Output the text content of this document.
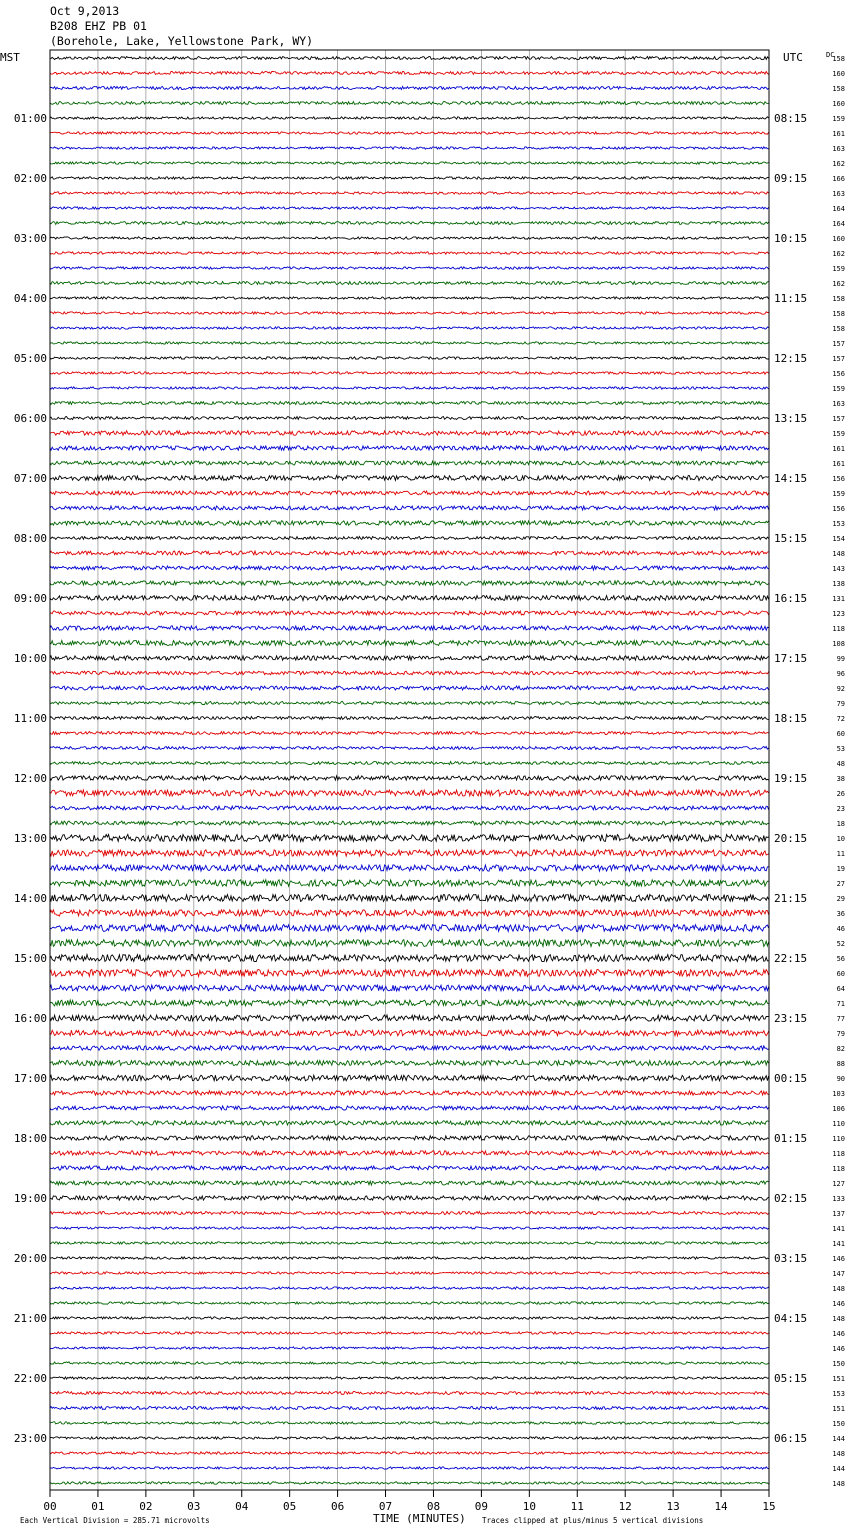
Oct 9,2013
B208 EHZ PB 01
(Borehole, Lake, Yellowstone Park, WY)
158
160
158
160
159
01:00	08:15
161
163
162
166
02:00	09:15
163
164
164
160
03:00	10:15
162
159
162
158
04:00	11:15
158
158
157
157
05:00	12:15
156
159
163
157
06:00	13:15
159
161
161
156
07:00	14:15
159
156
153
154
08:00	15:15
148
143
138
131
09:00	16:15
123
118
108
99
10:00	17:15
96
92
79
72
11:00	18:15
60
53
48
38
12:00	19:15
26
23
18
10
13:00	20:15
11
19
27
29
14:00	21:15
36
46
52
56
15:00	22:15
60
64
71
77
16:00	23:15
79
82
88
90
17:00	00:15
103
106
110
110
18:00	01:15
118
118
127
133
19:00	02:15
137
141
141
146
20:00	03:15
147
148
146
148
21:00	04:15
146
146
150
151
22:00	05:15
153
151
150
144
23:00	06:15
148
144
148
00	01	02	03	04	05	06	07	08	09	10	11	12	13	14	15
MST	UTC	DC
TIME (MINUTES)
Each Vertical Division = 285.71 microvolts	Traces clipped at plus/minus 5 vertical divisions
